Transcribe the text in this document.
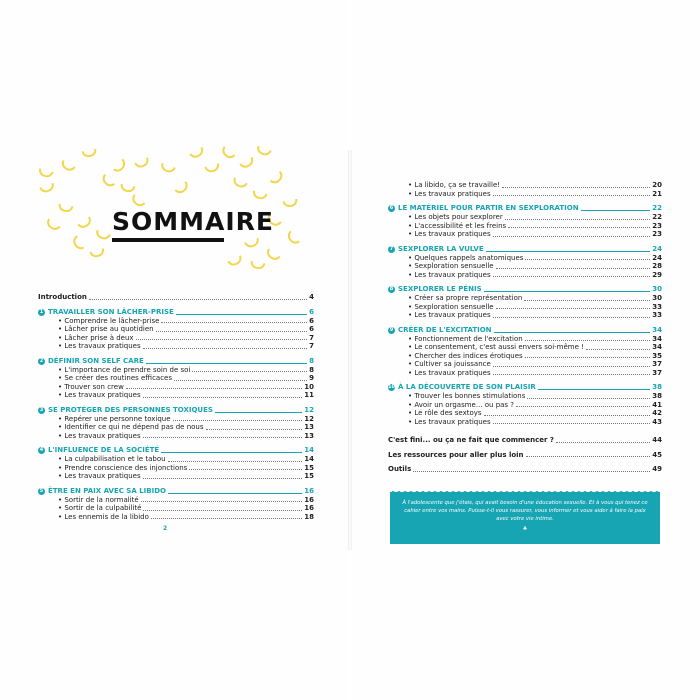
SOMMAIRE
Introduction	4
1 TRAVAILLER SON LÂCHER-PRISE	6
• Comprendre le lâcher-prise	6
• Lâcher prise au quotidien	6
• Lâcher prise à deux	7
• Les travaux pratiques	7
2 DÉFINIR SON SELF CARE	8
• L'importance de prendre soin de soi	8
• Se créer des routines efficaces	9
• Trouver son crew	10
• Les travaux pratiques	11
3 SE PROTÉGER DES PERSONNES TOXIQUES	12
• Repérer une personne toxique	12
• Identifier ce qui ne dépend pas de nous	13
• Les travaux pratiques	13
4 L'INFLUENCE DE LA SOCIÉTÉ	14
• La culpabilisation et le tabou	14
• Prendre conscience des injonctions	15
• Les travaux pratiques	15
5 ÊTRE EN PAIX AVEC SA LIBIDO	16
• Sortir de la normalité	16
• Sortir de la culpabilité	16
• Les ennemis de la libido	18
2
• La libido, ça se travaille!	20
• Les travaux pratiques	21
6 LE MATÉRIEL POUR PARTIR EN SEXPLORATION	22
• Les objets pour sexplorer	22
• L'accessibilité et les freins	23
• Les travaux pratiques	23
7 SEXPLORER LA VULVE	24
• Quelques rappels anatomiques	24
• Sexploration sensuelle	28
• Les travaux pratiques	29
8 SEXPLORER LE PÉNIS	30
• Créer sa propre représentation	30
• Sexploration sensuelle	33
• Les travaux pratiques	33
9 CRÉER DE L'EXCITATION	34
• Fonctionnement de l'excitation	34
• Le consentement, c'est aussi envers soi-même !	34
• Chercher des indices érotiques	35
• Cultiver sa jouissance	37
• Les travaux pratiques	37
10 À LA DÉCOUVERTE DE SON PLAISIR	38
• Trouver les bonnes stimulations	38
• Avoir un orgasme... ou pas ?	41
• Le rôle des sextoys	42
• Les travaux pratiques	43
C'est fini... ou ça ne fait que commencer ?	44
Les ressources pour aller plus loin	45
Outils	49
À l'adolescente que j'étais, qui avait besoin d'une éducation sexuelle. Et à vous qui tenez ce cahier entre vos mains. Puisse-t-il vous rassurer, vous informer et vous aider à faire la paix avec votre vie intime.
♣
